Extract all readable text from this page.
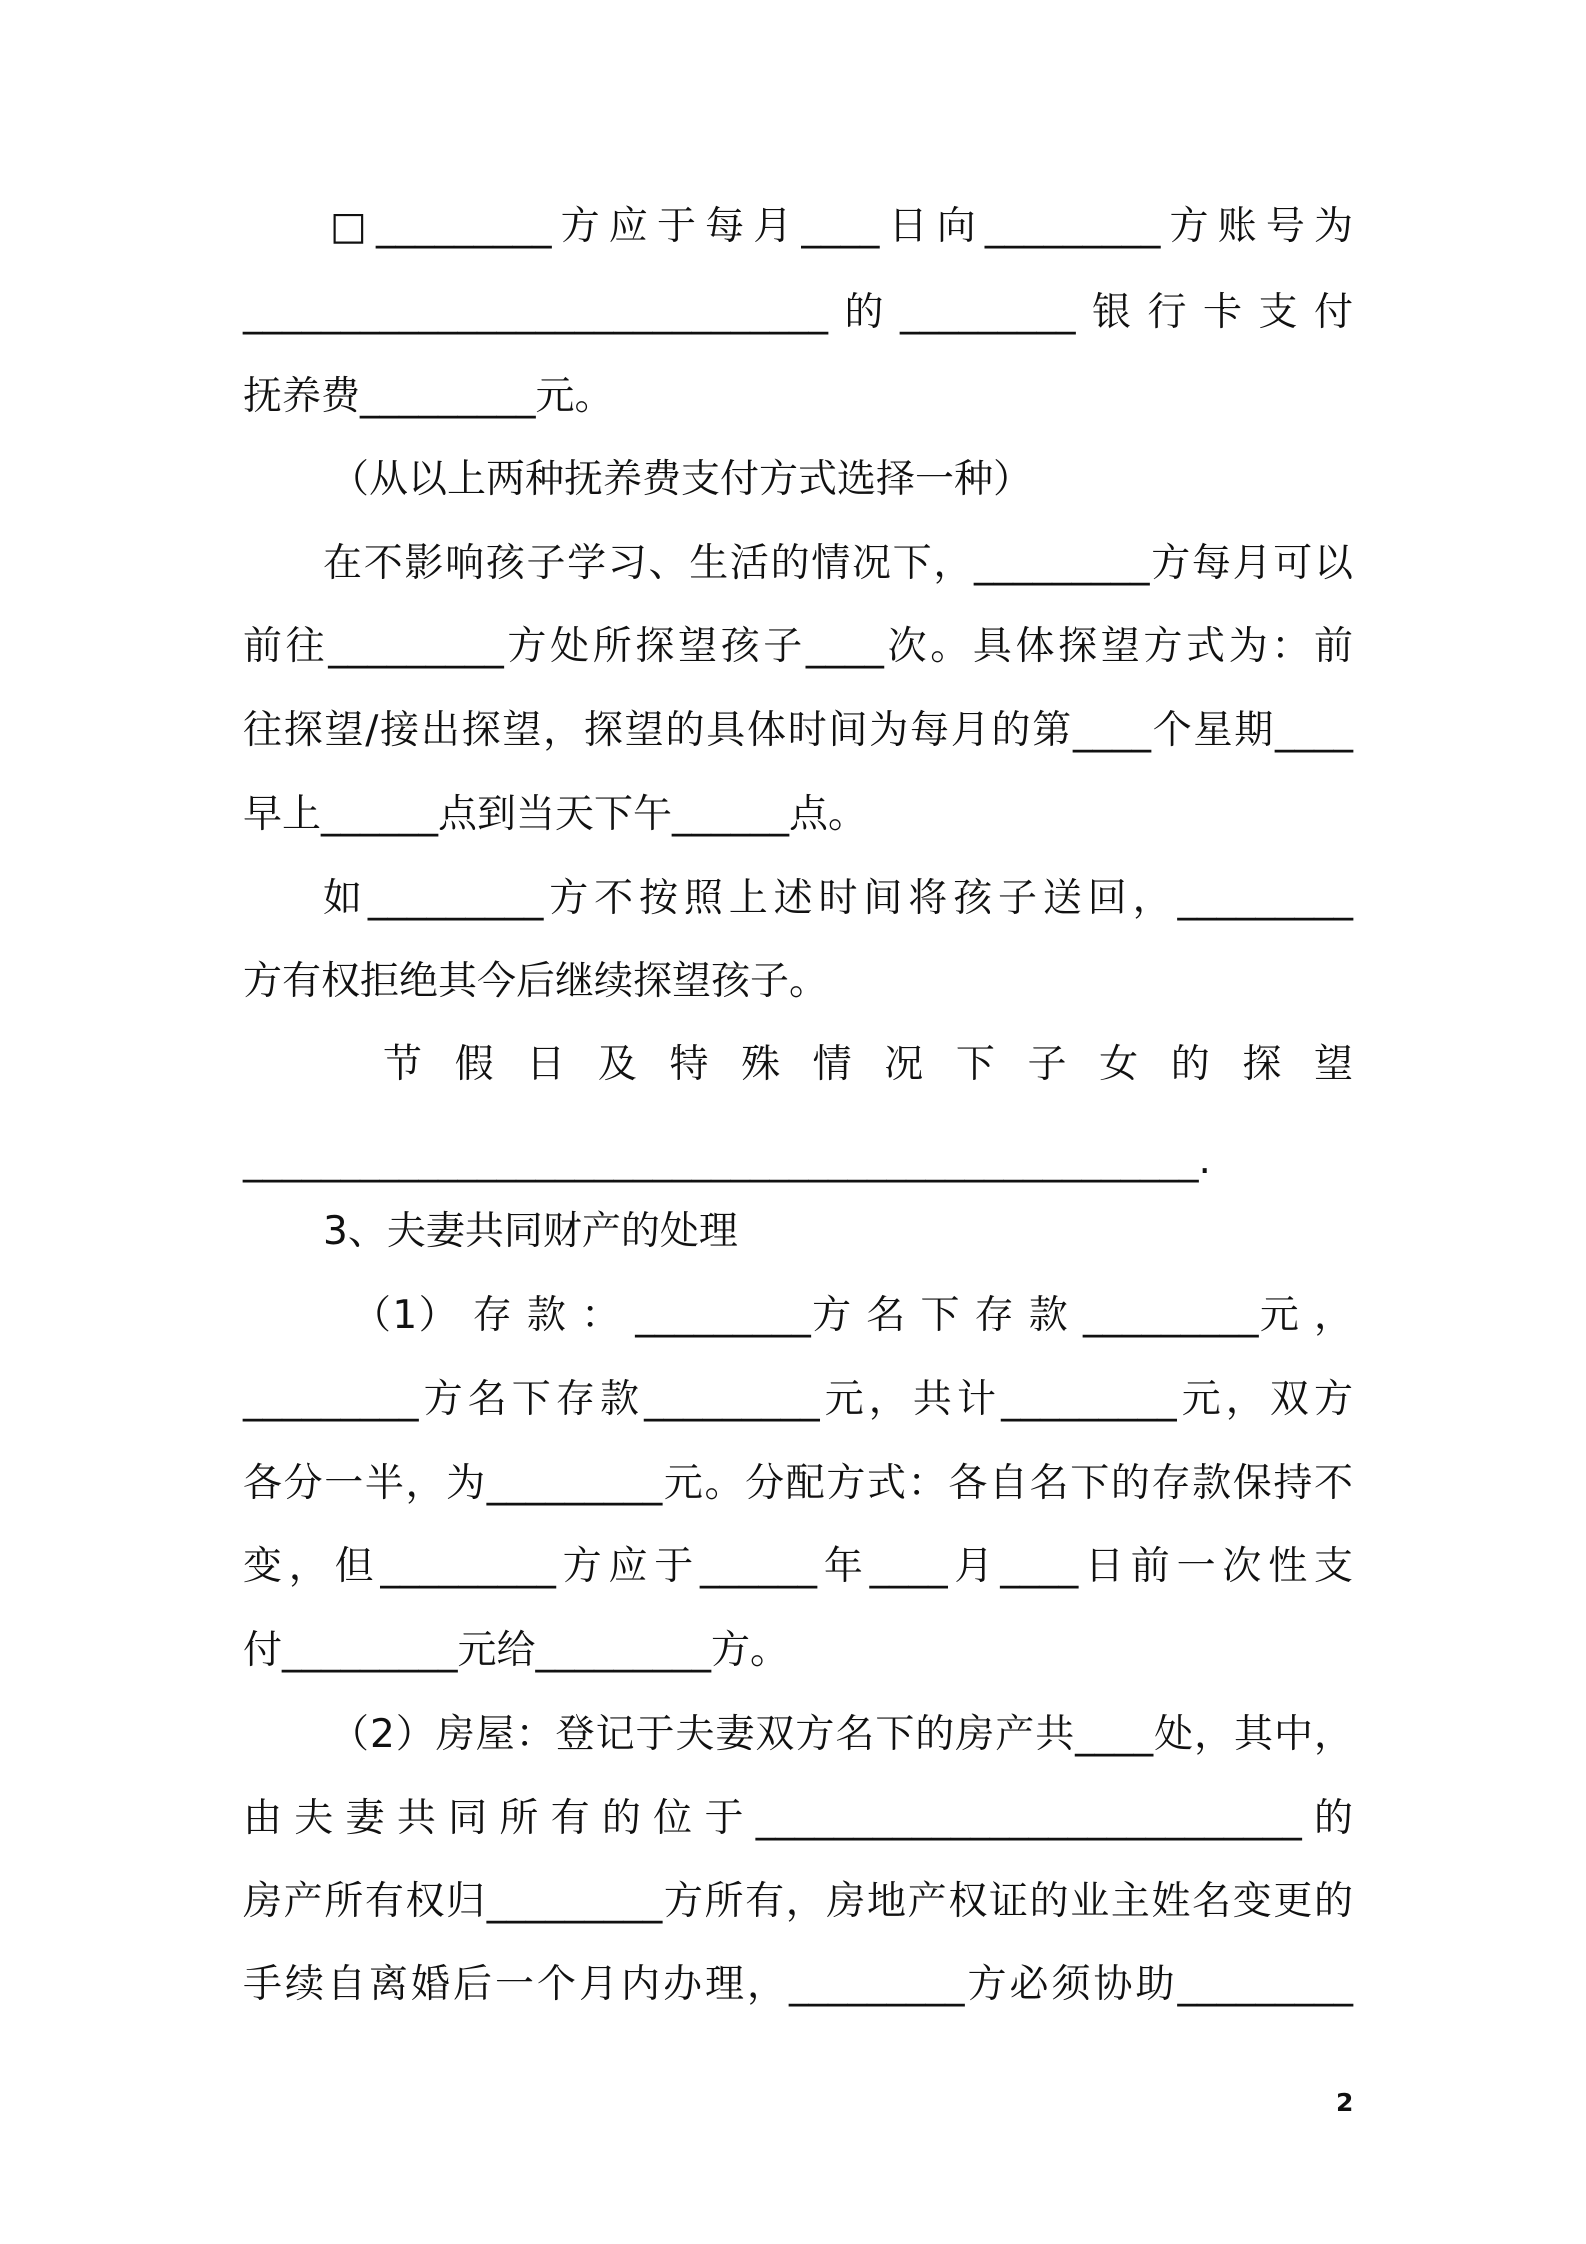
□_________方应于每月____日向_________方账号为
______________________________的_________银行卡支付
抚养费_________元。
（从以上两种抚养费支付方式选择一种）
在不影响孩子学习、生活的情况下，_________方每月可以
前往_________方处所探望孩子____次。具体探望方式为：前
往探望/接出探望，探望的具体时间为每月的第____个星期____
早上______点到当天下午______点。
如_________方不按照上述时间将孩子送回，_________
方有权拒绝其今后继续探望孩子。
节 假 日 及 特 殊 情 况 下 子 女 的 探 望
_________________________________________________.
3、夫妻共同财产的处理
（1） 存 款 ： _________方 名 下 存 款 _________元 ，
_________方名下存款_________元，共计_________元，双方
各分一半，为_________元。分配方式：各自名下的存款保持不
变，但_________方应于______年____月____日前一次性支
付_________元给_________方。
（2）房屋：登记于夫妻双方名下的房产共____处，其中，
由夫妻共同所有的位于____________________________的
房产所有权归_________方所有，房地产权证的业主姓名变更的
手续自离婚后一个月内办理，_________方必须协助_________
2
